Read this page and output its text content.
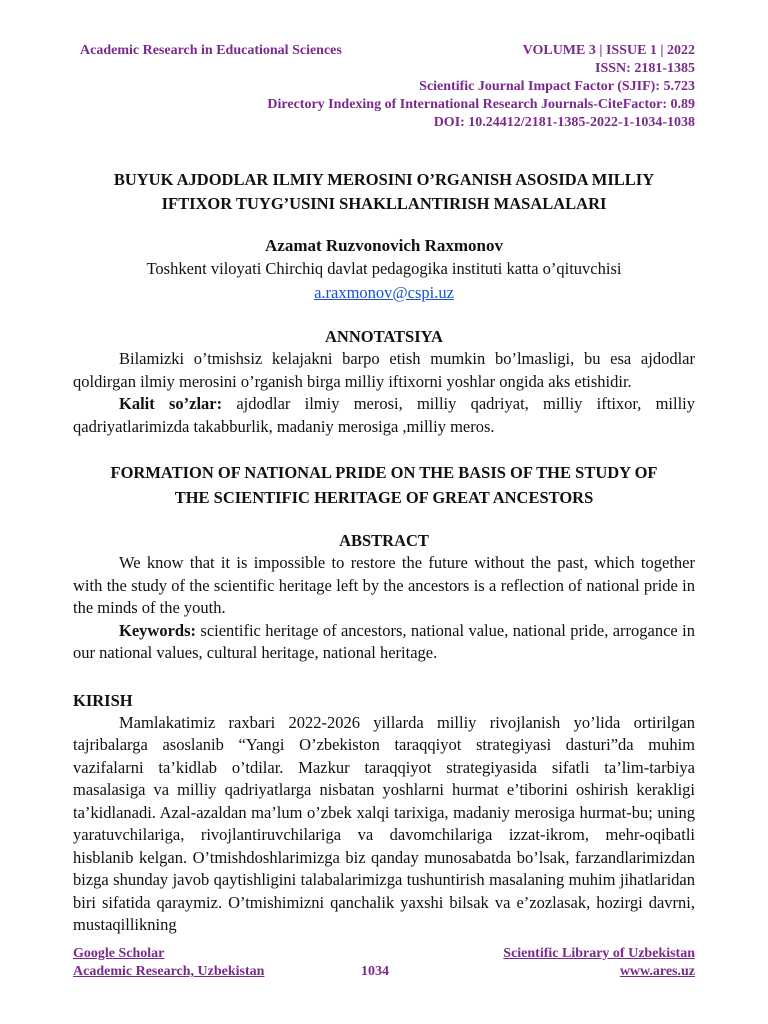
Academic Research in Educational Sciences	VOLUME 3 | ISSUE 1 | 2022
ISSN: 2181-1385
Scientific Journal Impact Factor (SJIF): 5.723
Directory Indexing of International Research Journals-CiteFactor: 0.89
DOI: 10.24412/2181-1385-2022-1-1034-1038
BUYUK AJDODLAR ILMIY MEROSINI O’RGANISH ASOSIDA MILLIY
IFTIXOR TUYG’USINI SHAKLLANTIRISH MASALALARI
Azamat Ruzvonovich Raxmonov
Toshkent viloyati Chirchiq davlat pedagogika instituti katta o’qituvchisi
a.raxmonov@cspi.uz
ANNOTATSIYA

Bilamizki o’tmishsiz kelajakni barpo etish mumkin bo’lmasligi, bu esa ajdodlar qoldirgan ilmiy merosini o’rganish birga milliy iftixorni yoshlar ongida aks etishidir.

Kalit so’zlar: ajdodlar ilmiy merosi, milliy qadriyat, milliy iftixor, milliy qadriyatlarimizda takabburlik, madaniy merosiga ,milliy meros.

FORMATION OF NATIONAL PRIDE ON THE BASIS OF THE STUDY OF
THE SCIENTIFIC HERITAGE OF GREAT ANCESTORS
ABSTRACT

We know that it is impossible to restore the future without the past, which together with the study of the scientific heritage left by the ancestors is a reflection of national pride in the minds of the youth.

Keywords: scientific heritage of ancestors, national value, national pride, arrogance in our national values, cultural heritage, national heritage.

KIRISH

Mamlakatimiz raxbari 2022-2026 yillarda milliy rivojlanish yo’lida ortirilgan tajribalarga asoslanib “Yangi O’zbekiston taraqqiyot strategiyasi dasturi”da muhim vazifalarni ta’kidlab o’tdilar. Mazkur taraqqiyot strategiyasida sifatli ta’lim-tarbiya masalasiga va milliy qadriyatlarga nisbatan yoshlarni hurmat e’tiborini oshirish kerakligi ta’kidlanadi. Azal-azaldan ma’lum o’zbek xalqi tarixiga, madaniy merosiga hurmat-bu; uning yaratuvchilariga, rivojlantiruvchilariga va davomchilariga izzat-ikrom, mehr-oqibatli hisblanib kelgan. O’tmishdoshlarimizga biz qanday munosabatda bo’lsak, farzandlarimizdan bizga shunday javob qaytishligini talabalarimizga tushuntirish masalaning muhim jihatlaridan biri sifatida qaraymiz. O’tmishimizni qanchalik yaxshi bilsak va e’zozlasak, hozirgi davrni, mustaqillikning

Google Scholar	Scientific Library of Uzbekistan
Academic Research, Uzbekistan	1034	www.ares.uz
